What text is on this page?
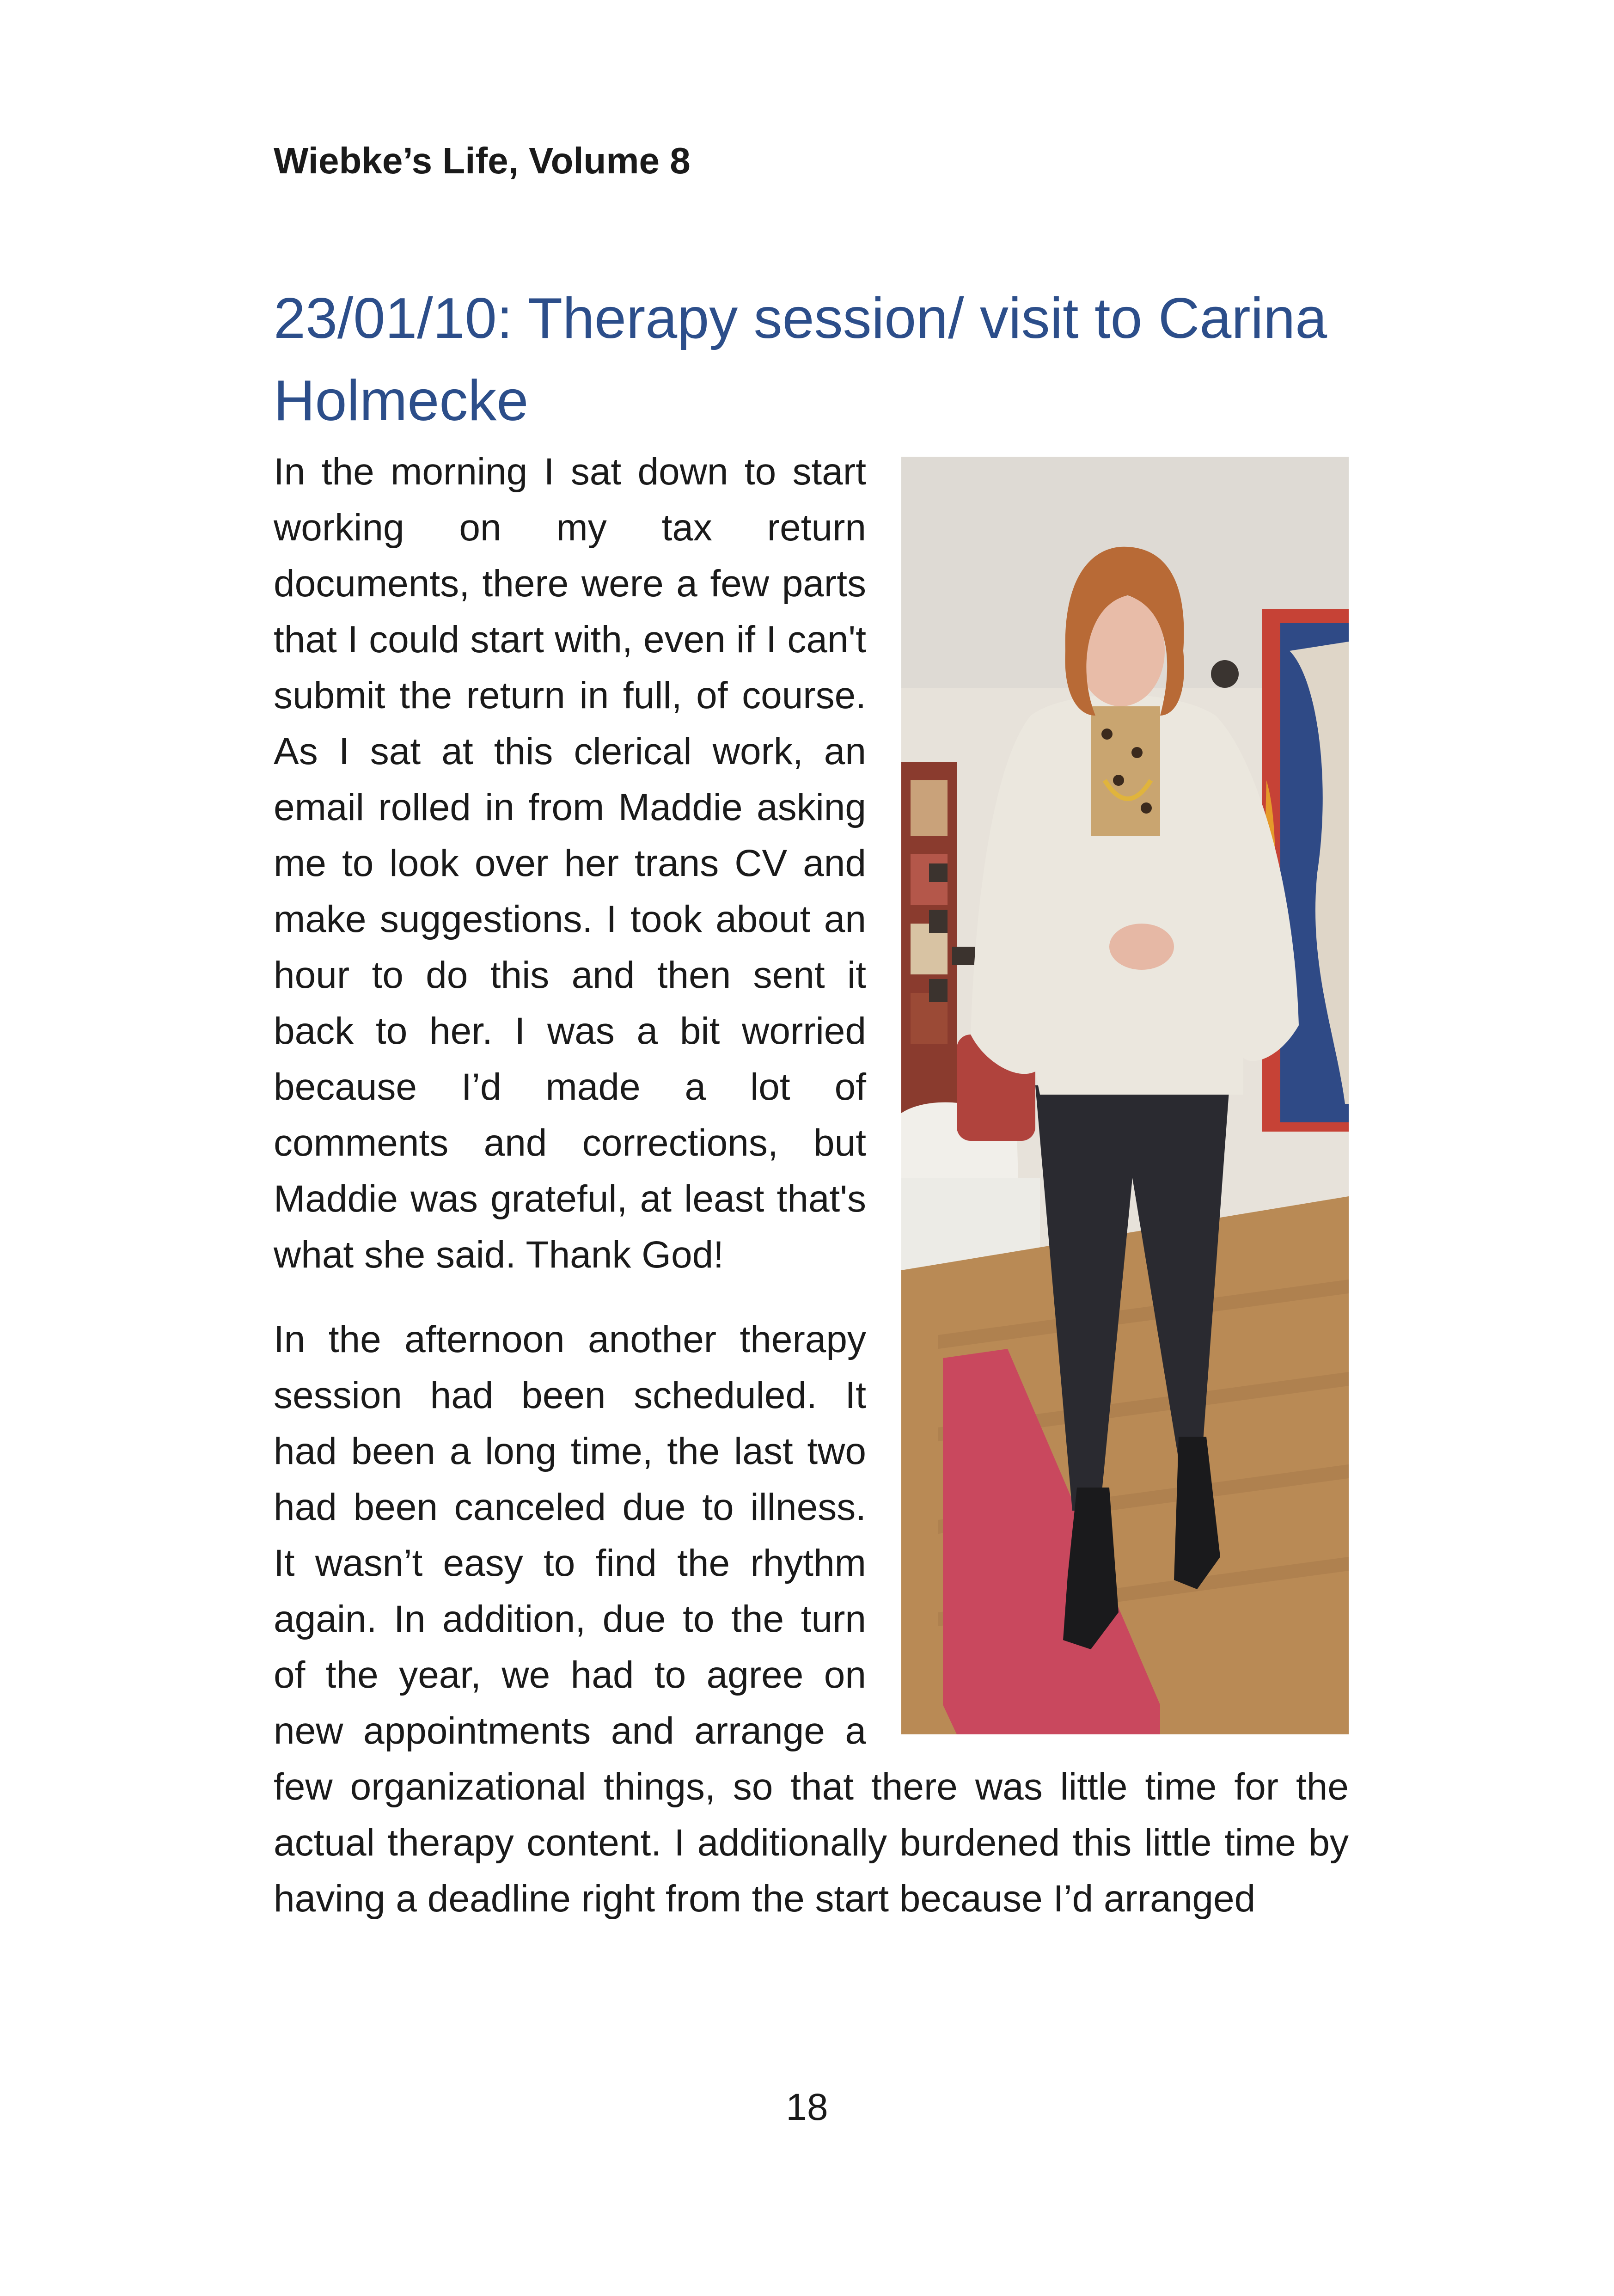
Wiebke’s Life, Volume 8
23/01/10: Therapy session/ visit to Carina Holmecke

In the morning I sat down to start working on my tax return documents, there were a few parts that I could start with, even if I can't submit the return in full, of course. As I sat at this clerical work, an email rolled in from Maddie asking me to look over her trans CV and make suggestions. I took about an hour to do this and then sent it back to her. I was a bit worried because I’d made a lot of comments and corrections, but Maddie was grateful, at least that's what she said. Thank God!

In the afternoon another therapy session had been scheduled. It had been a long time, the last two had been canceled due to illness. It wasn’t easy to find the rhythm again. In addition, due to the turn of the year, we had to agree on new appointments and arrange a few organizational things, so that there was little time for the actual therapy content. I additionally burdened this little time by having a deadline right from the start because I’d arranged

18
